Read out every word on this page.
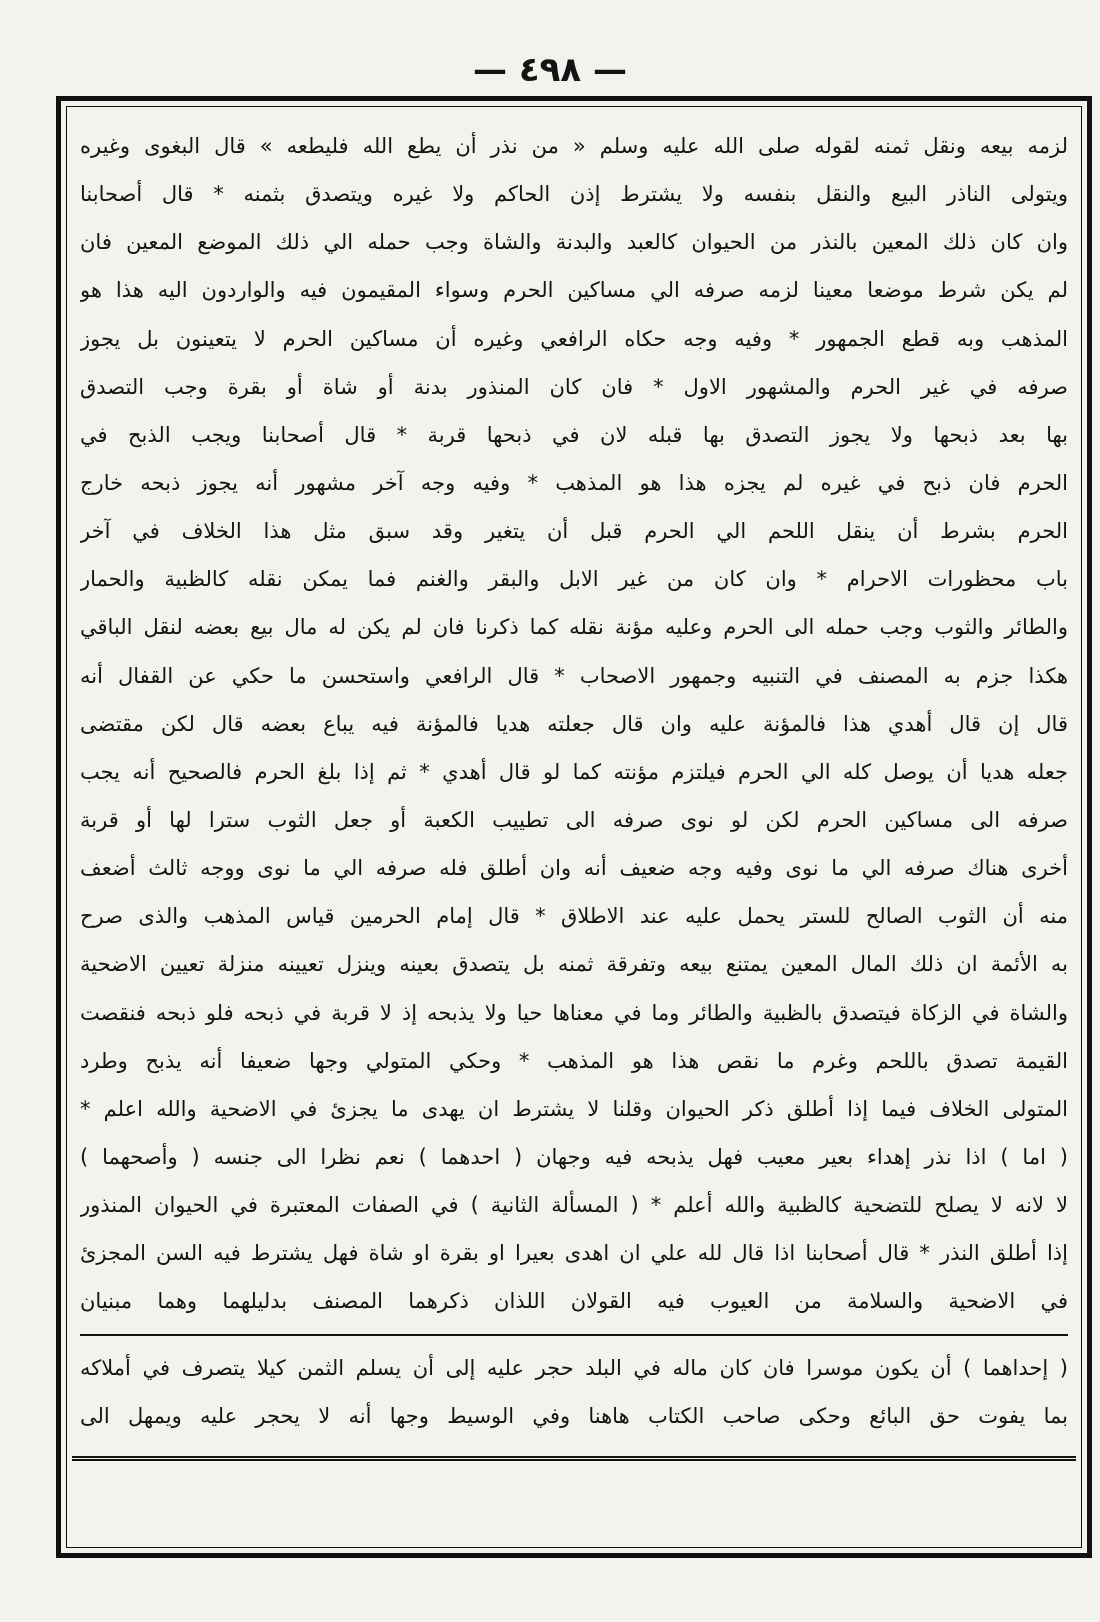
— ٤٩٨ —
لزمه بيعه ونقل ثمنه لقوله صلى الله عليه وسلم « من نذر أن يطع الله فليطعه » قال البغوى وغيره
ويتولى الناذر البيع والنقل بنفسه ولا يشترط إذن الحاكم ولا غيره ويتصدق بثمنه * قال أصحابنا
وان كان ذلك المعين بالنذر من الحيوان كالعبد والبدنة والشاة وجب حمله الي ذلك الموضع المعين فان
لم يكن شرط موضعا معينا لزمه صرفه الي مساكين الحرم وسواء المقيمون فيه والواردون اليه هذا هو
المذهب وبه قطع الجمهور * وفيه وجه حكاه الرافعي وغيره أن مساكين الحرم لا يتعينون بل يجوز
صرفه في غير الحرم والمشهور الاول * فان كان المنذور بدنة أو شاة أو بقرة وجب التصدق
بها بعد ذبحها ولا يجوز التصدق بها قبله لان في ذبحها قربة * قال أصحابنا ويجب الذبح في
الحرم فان ذبح في غيره لم يجزه هذا هو المذهب * وفيه وجه آخر مشهور أنه يجوز ذبحه خارج
الحرم بشرط أن ينقل اللحم الي الحرم قبل أن يتغير وقد سبق مثل هذا الخلاف في آخر
باب محظورات الاحرام * وان كان من غير الابل والبقر والغنم فما يمكن نقله كالظبية والحمار
والطائر والثوب وجب حمله الى الحرم وعليه مؤنة نقله كما ذكرنا فان لم يكن له مال بيع بعضه لنقل الباقي
هكذا جزم به المصنف في التنبيه وجمهور الاصحاب * قال الرافعي واستحسن ما حكي عن القفال أنه
قال إن قال أهدي هذا فالمؤنة عليه وان قال جعلته هديا فالمؤنة فيه يباع بعضه قال لكن مقتضى
جعله هديا أن يوصل كله الي الحرم فيلتزم مؤنته كما لو قال أهدي * ثم إذا بلغ الحرم فالصحيح أنه يجب
صرفه الى مساكين الحرم لكن لو نوى صرفه الى تطييب الكعبة أو جعل الثوب سترا لها أو قربة
أخرى هناك صرفه الي ما نوى وفيه وجه ضعيف أنه وان أطلق فله صرفه الي ما نوى ووجه ثالث أضعف
منه أن الثوب الصالح للستر يحمل عليه عند الاطلاق * قال إمام الحرمين قياس المذهب والذى صرح
به الأئمة ان ذلك المال المعين يمتنع بيعه وتفرقة ثمنه بل يتصدق بعينه وينزل تعيينه منزلة تعيين الاضحية
والشاة في الزكاة فيتصدق بالظبية والطائر وما في معناها حيا ولا يذبحه إذ لا قربة في ذبحه فلو ذبحه فنقصت
القيمة تصدق باللحم وغرم ما نقص هذا هو المذهب * وحكي المتولي وجها ضعيفا أنه يذبح وطرد
المتولى الخلاف فيما إذا أطلق ذكر الحيوان وقلنا لا يشترط ان يهدى ما يجزئ في الاضحية والله اعلم *
( اما ) اذا نذر إهداء بعير معيب فهل يذبحه فيه وجهان ( احدهما ) نعم نظرا الى جنسه ( وأصحهما )
لا لانه لا يصلح للتضحية كالظبية والله أعلم * ( المسألة الثانية ) في الصفات المعتبرة في الحيوان المنذور
إذا أطلق النذر * قال أصحابنا اذا قال لله علي ان اهدى بعيرا او بقرة او شاة فهل يشترط فيه السن المجزئ
في الاضحية والسلامة من العيوب فيه القولان اللذان ذكرهما المصنف بدليلهما وهما مبنيان
( إحداهما ) أن يكون موسرا فان كان ماله في البلد حجر عليه إلى أن يسلم الثمن كيلا يتصرف في أملاكه
بما يفوت حق البائع وحكى صاحب الكتاب هاهنا وفي الوسيط وجها أنه لا يحجر عليه ويمهل الى
